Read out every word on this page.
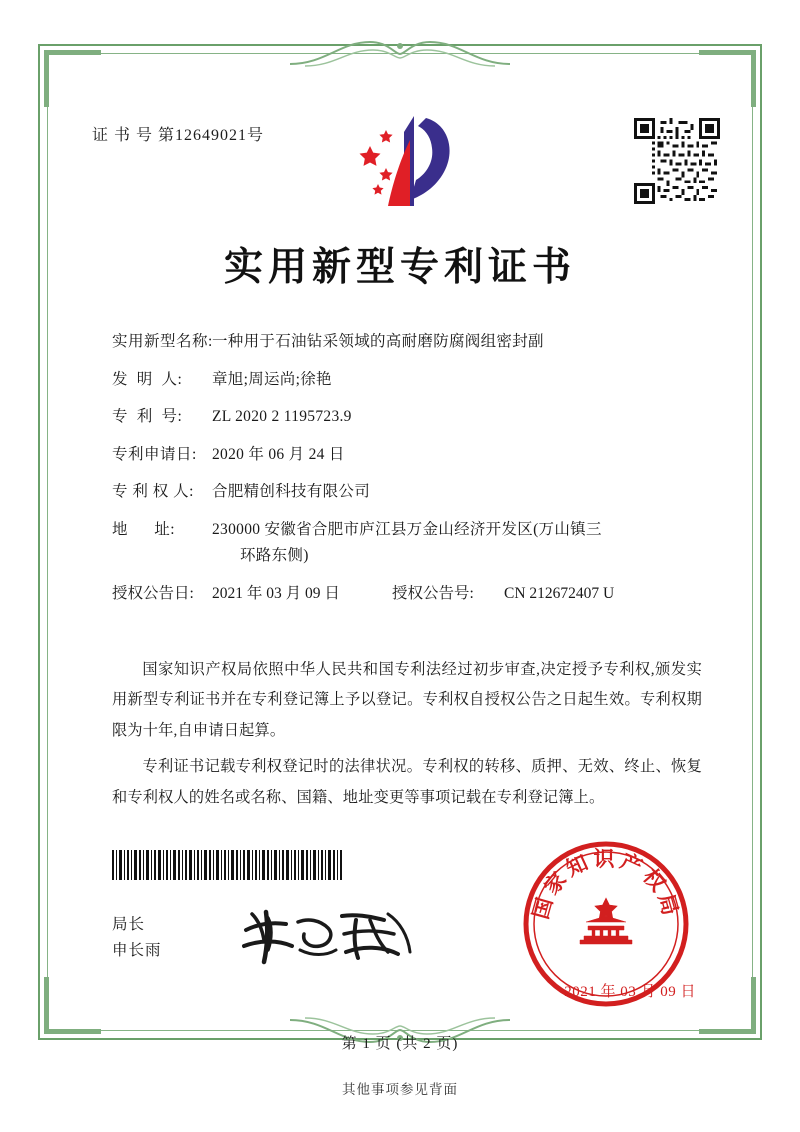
证 书 号 第12649021号
实用新型专利证书
实用新型名称: 一种用于石油钻采领域的高耐磨防腐阀组密封副
发  明  人:	章旭;周运尚;徐艳
专  利  号:	ZL 2020 2 1195723.9
专利申请日: 2020 年 06 月 24 日
专 利 权 人:	合肥精创科技有限公司
地      址:	230000 安徽省合肥市庐江县万金山经济开发区(万山镇三
环路东侧)
授权公告日:	2021 年 03 月 09 日	授权公告号:	CN 212672407 U

国家知识产权局依照中华人民共和国专利法经过初步审查,决定授予专利权,颁发实用新型专利证书并在专利登记簿上予以登记。专利权自授权公告之日起生效。专利权期限为十年,自申请日起算。

专利证书记载专利权登记时的法律状况。专利权的转移、质押、无效、终止、恢复和专利权人的姓名或名称、国籍、地址变更等事项记载在专利登记簿上。

局长
申长雨
国家知识产权局
2021 年 03 月 09 日
第 1 页 (共 2 页)
其他事项参见背面
